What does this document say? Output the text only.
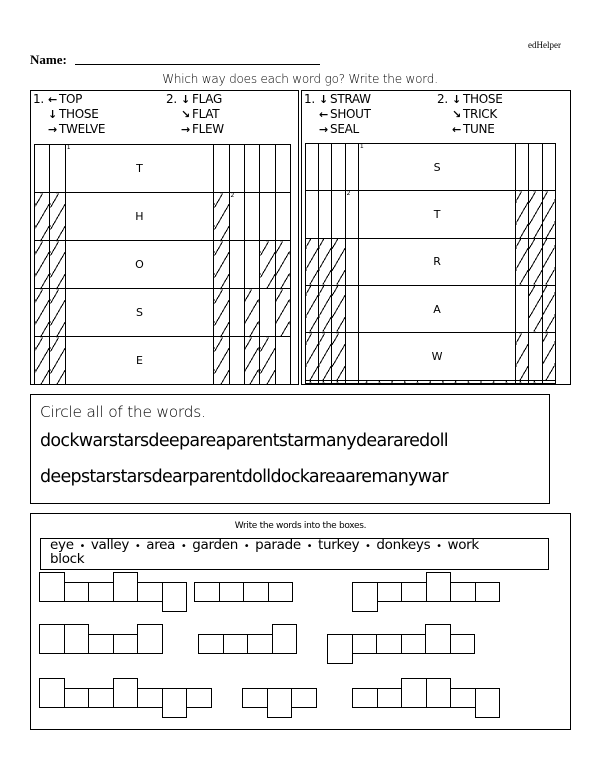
edHelper
Name:
Which way does each word go? Write the word.
1. ← TOP
↓ THOSE
→ TWELVE
2. ↓ FLAG
↘ FLAT
→ FLEW

		1
T					
		H		2			

		O					
		S					
		E					
1. ↓ STRAW
← SHOUT
→ SEAL
2. ↓ THOSE
↘ TRICK
← TUNE

				1
S			

			2	T			
				R			
				A			
				W			

Circle all of the words.
dockwarstarsdeepareaparentstarmanydeararedoll
deepstarstarsdearparentdolldockareaaremanywar
Write the words into the boxes.
eye  •  valley  •  area  •  garden  •  parade  •  turkey  •  donkeys  •  work
block
